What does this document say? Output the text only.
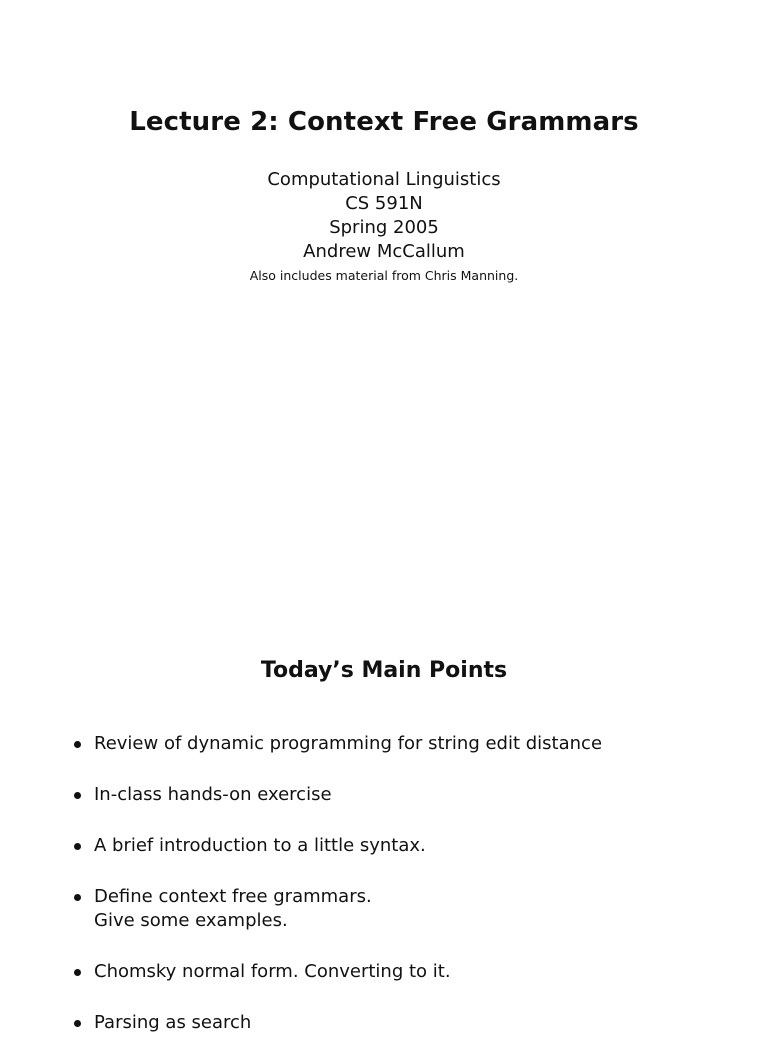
Lecture 2: Context Free Grammars
Computational Linguistics
CS 591N
Spring 2005
Andrew McCallum
Also includes material from Chris Manning.
Today’s Main Points
Review of dynamic programming for string edit distance
In-class hands-on exercise
A brief introduction to a little syntax.
Define context free grammars.
Give some examples.
Chomsky normal form. Converting to it.
Parsing as search
